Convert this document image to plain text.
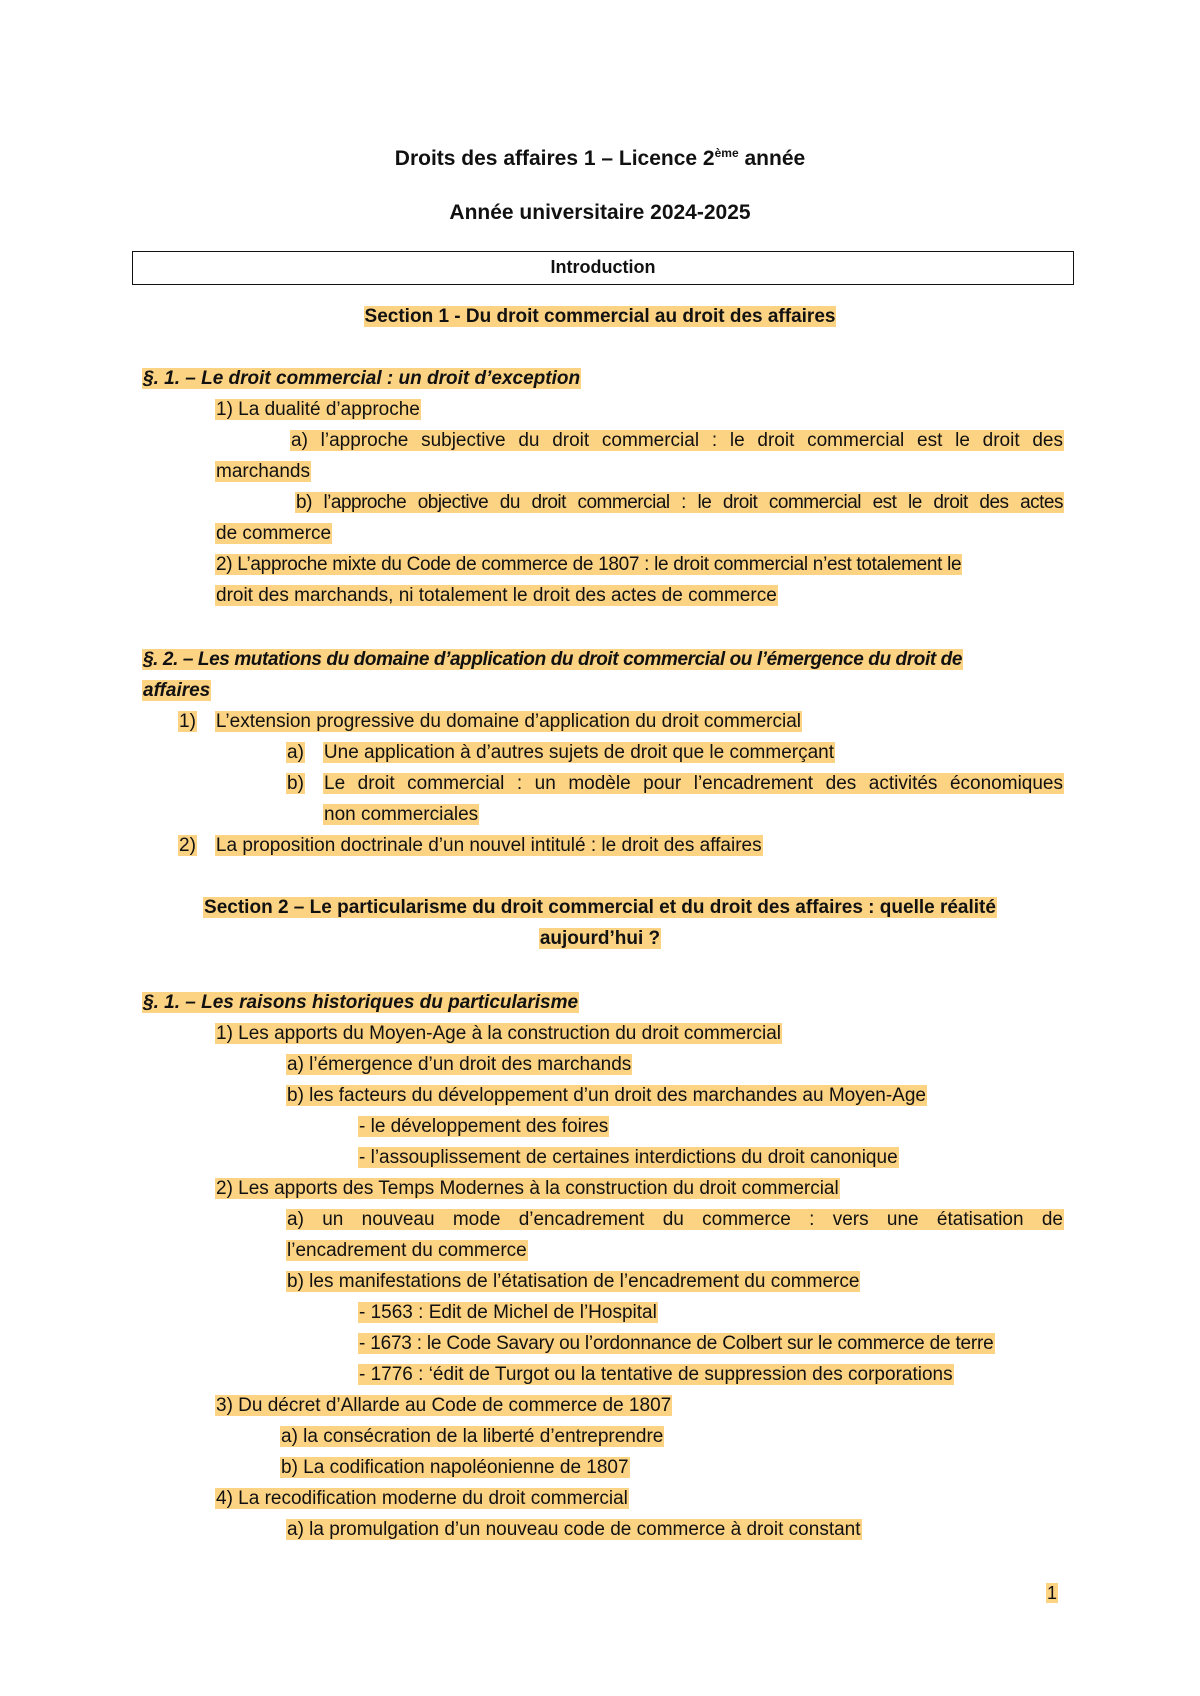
Droits des affaires 1 – Licence 2ème année
Année universitaire 2024-2025
Introduction
Section 1 - Du droit commercial au droit des affaires
§. 1. – Le droit commercial : un droit d’exception
1) La dualité d’approche
a) l’approche subjective du droit commercial : le droit commercial est le droit des
marchands
b) l’approche objective du droit commercial : le droit commercial est le droit des actes
de commerce
2) L’approche mixte du Code de commerce de 1807 : le droit commercial n’est totalement le
droit des marchands, ni totalement le droit des actes de commerce
§. 2. – Les mutations du domaine d’application du droit commercial ou l’émergence du droit de
affaires
1) L’extension progressive du domaine d’application du droit commercial
a) Une application à d’autres sujets de droit que le commerçant
b) Le droit commercial : un modèle pour l’encadrement des activités économiques
non commerciales
2) La proposition doctrinale d’un nouvel intitulé : le droit des affaires
Section 2 – Le particularisme du droit commercial et du droit des affaires : quelle réalité
aujourd’hui ?
§. 1. – Les raisons historiques du particularisme
1) Les apports du Moyen-Age à la construction du droit commercial
a) l’émergence d’un droit des marchands
b) les facteurs du développement d’un droit des marchandes au Moyen-Age
- le développement des foires
- l’assouplissement de certaines interdictions du droit canonique
2) Les apports des Temps Modernes à la construction du droit commercial
a) un nouveau mode d’encadrement du commerce : vers une étatisation de
l’encadrement du commerce
b) les manifestations de l’étatisation de l’encadrement du commerce
- 1563 : Edit de Michel de l’Hospital
- 1673 : le Code Savary ou l’ordonnance de Colbert sur le commerce de terre
- 1776 : ‘édit de Turgot ou la tentative de suppression des corporations
3) Du décret d’Allarde au Code de commerce de 1807
a) la consécration de la liberté d’entreprendre
b) La codification napoléonienne de 1807
4) La recodification moderne du droit commercial
a) la promulgation d’un nouveau code de commerce à droit constant
1
